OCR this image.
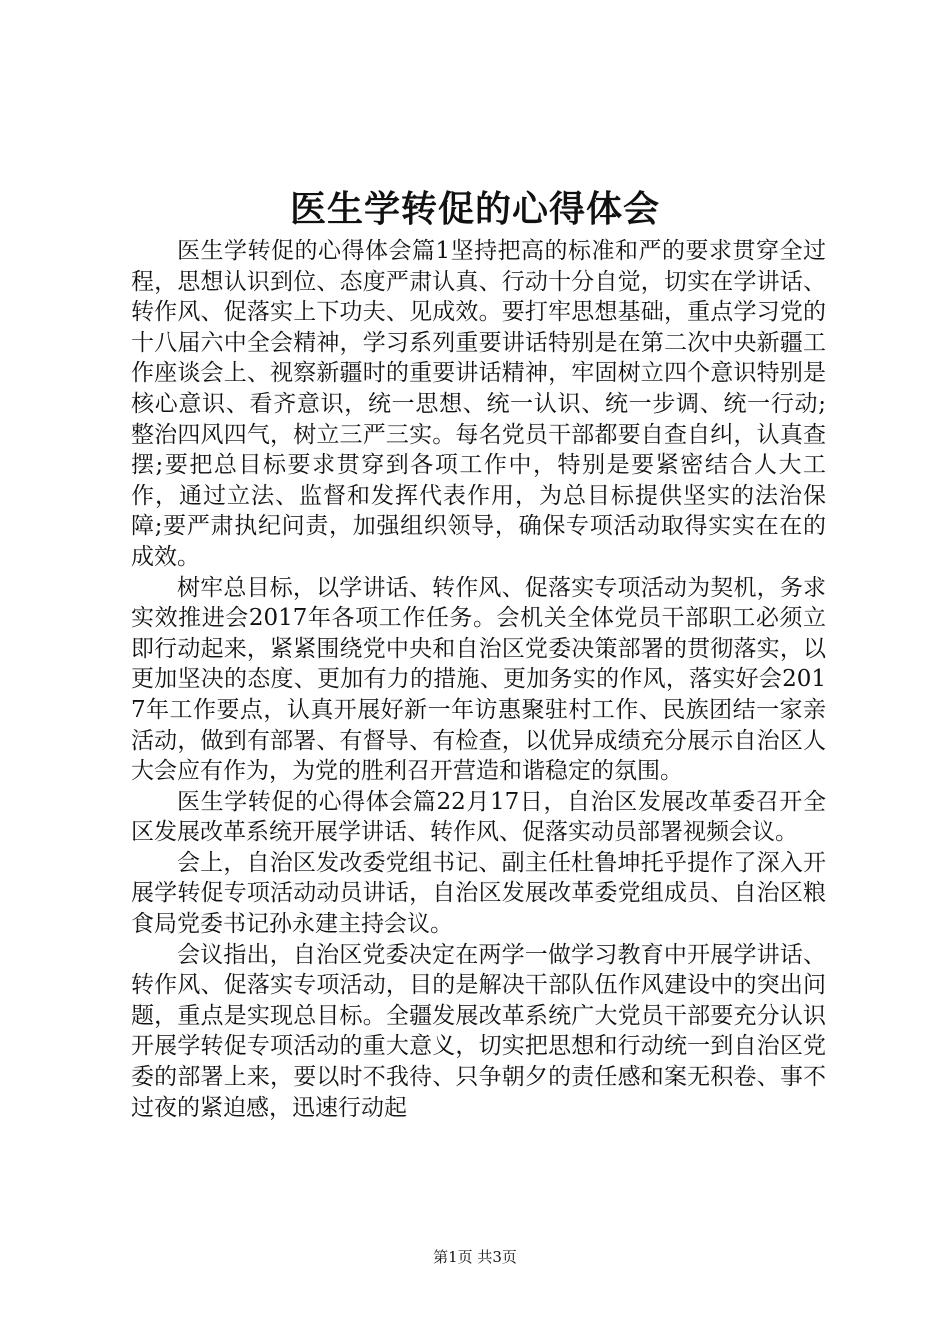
医生学转促的心得体会

医生学转促的心得体会篇1坚持把高的标准和严的要求贯穿全过程，思想认识到位、态度严肃认真、行动十分自觉，切实在学讲话、转作风、促落实上下功夫、见成效。要打牢思想基础，重点学习党的十八届六中全会精神，学习系列重要讲话特别是在第二次中央新疆工作座谈会上、视察新疆时的重要讲话精神，牢固树立四个意识特别是核心意识、看齐意识，统一思想、统一认识、统一步调、统一行动;整治四风四气，树立三严三实。每名党员干部都要自查自纠，认真查摆;要把总目标要求贯穿到各项工作中，特别是要紧密结合人大工作，通过立法、监督和发挥代表作用，为总目标提供坚实的法治保障;要严肃执纪问责，加强组织领导，确保专项活动取得实实在在的成效。

树牢总目标，以学讲话、转作风、促落实专项活动为契机，务求实效推进会2017年各项工作任务。会机关全体党员干部职工必须立即行动起来，紧紧围绕党中央和自治区党委决策部署的贯彻落实，以更加坚决的态度、更加有力的措施、更加务实的作风，落实好会2017年工作要点，认真开展好新一年访惠聚驻村工作、民族团结一家亲活动，做到有部署、有督导、有检查，以优异成绩充分展示自治区人大会应有作为，为党的胜利召开营造和谐稳定的氛围。

医生学转促的心得体会篇22月17日，自治区发展改革委召开全区发展改革系统开展学讲话、转作风、促落实动员部署视频会议。

会上，自治区发改委党组书记、副主任杜鲁坤托乎提作了深入开展学转促专项活动动员讲话，自治区发展改革委党组成员、自治区粮食局党委书记孙永建主持会议。

会议指出，自治区党委决定在两学一做学习教育中开展学讲话、转作风、促落实专项活动，目的是解决干部队伍作风建设中的突出问题，重点是实现总目标。全疆发展改革系统广大党员干部要充分认识开展学转促专项活动的重大意义，切实把思想和行动统一到自治区党委的部署上来，要以时不我待、只争朝夕的责任感和案无积卷、事不过夜的紧迫感，迅速行动起

第1页 共3页
